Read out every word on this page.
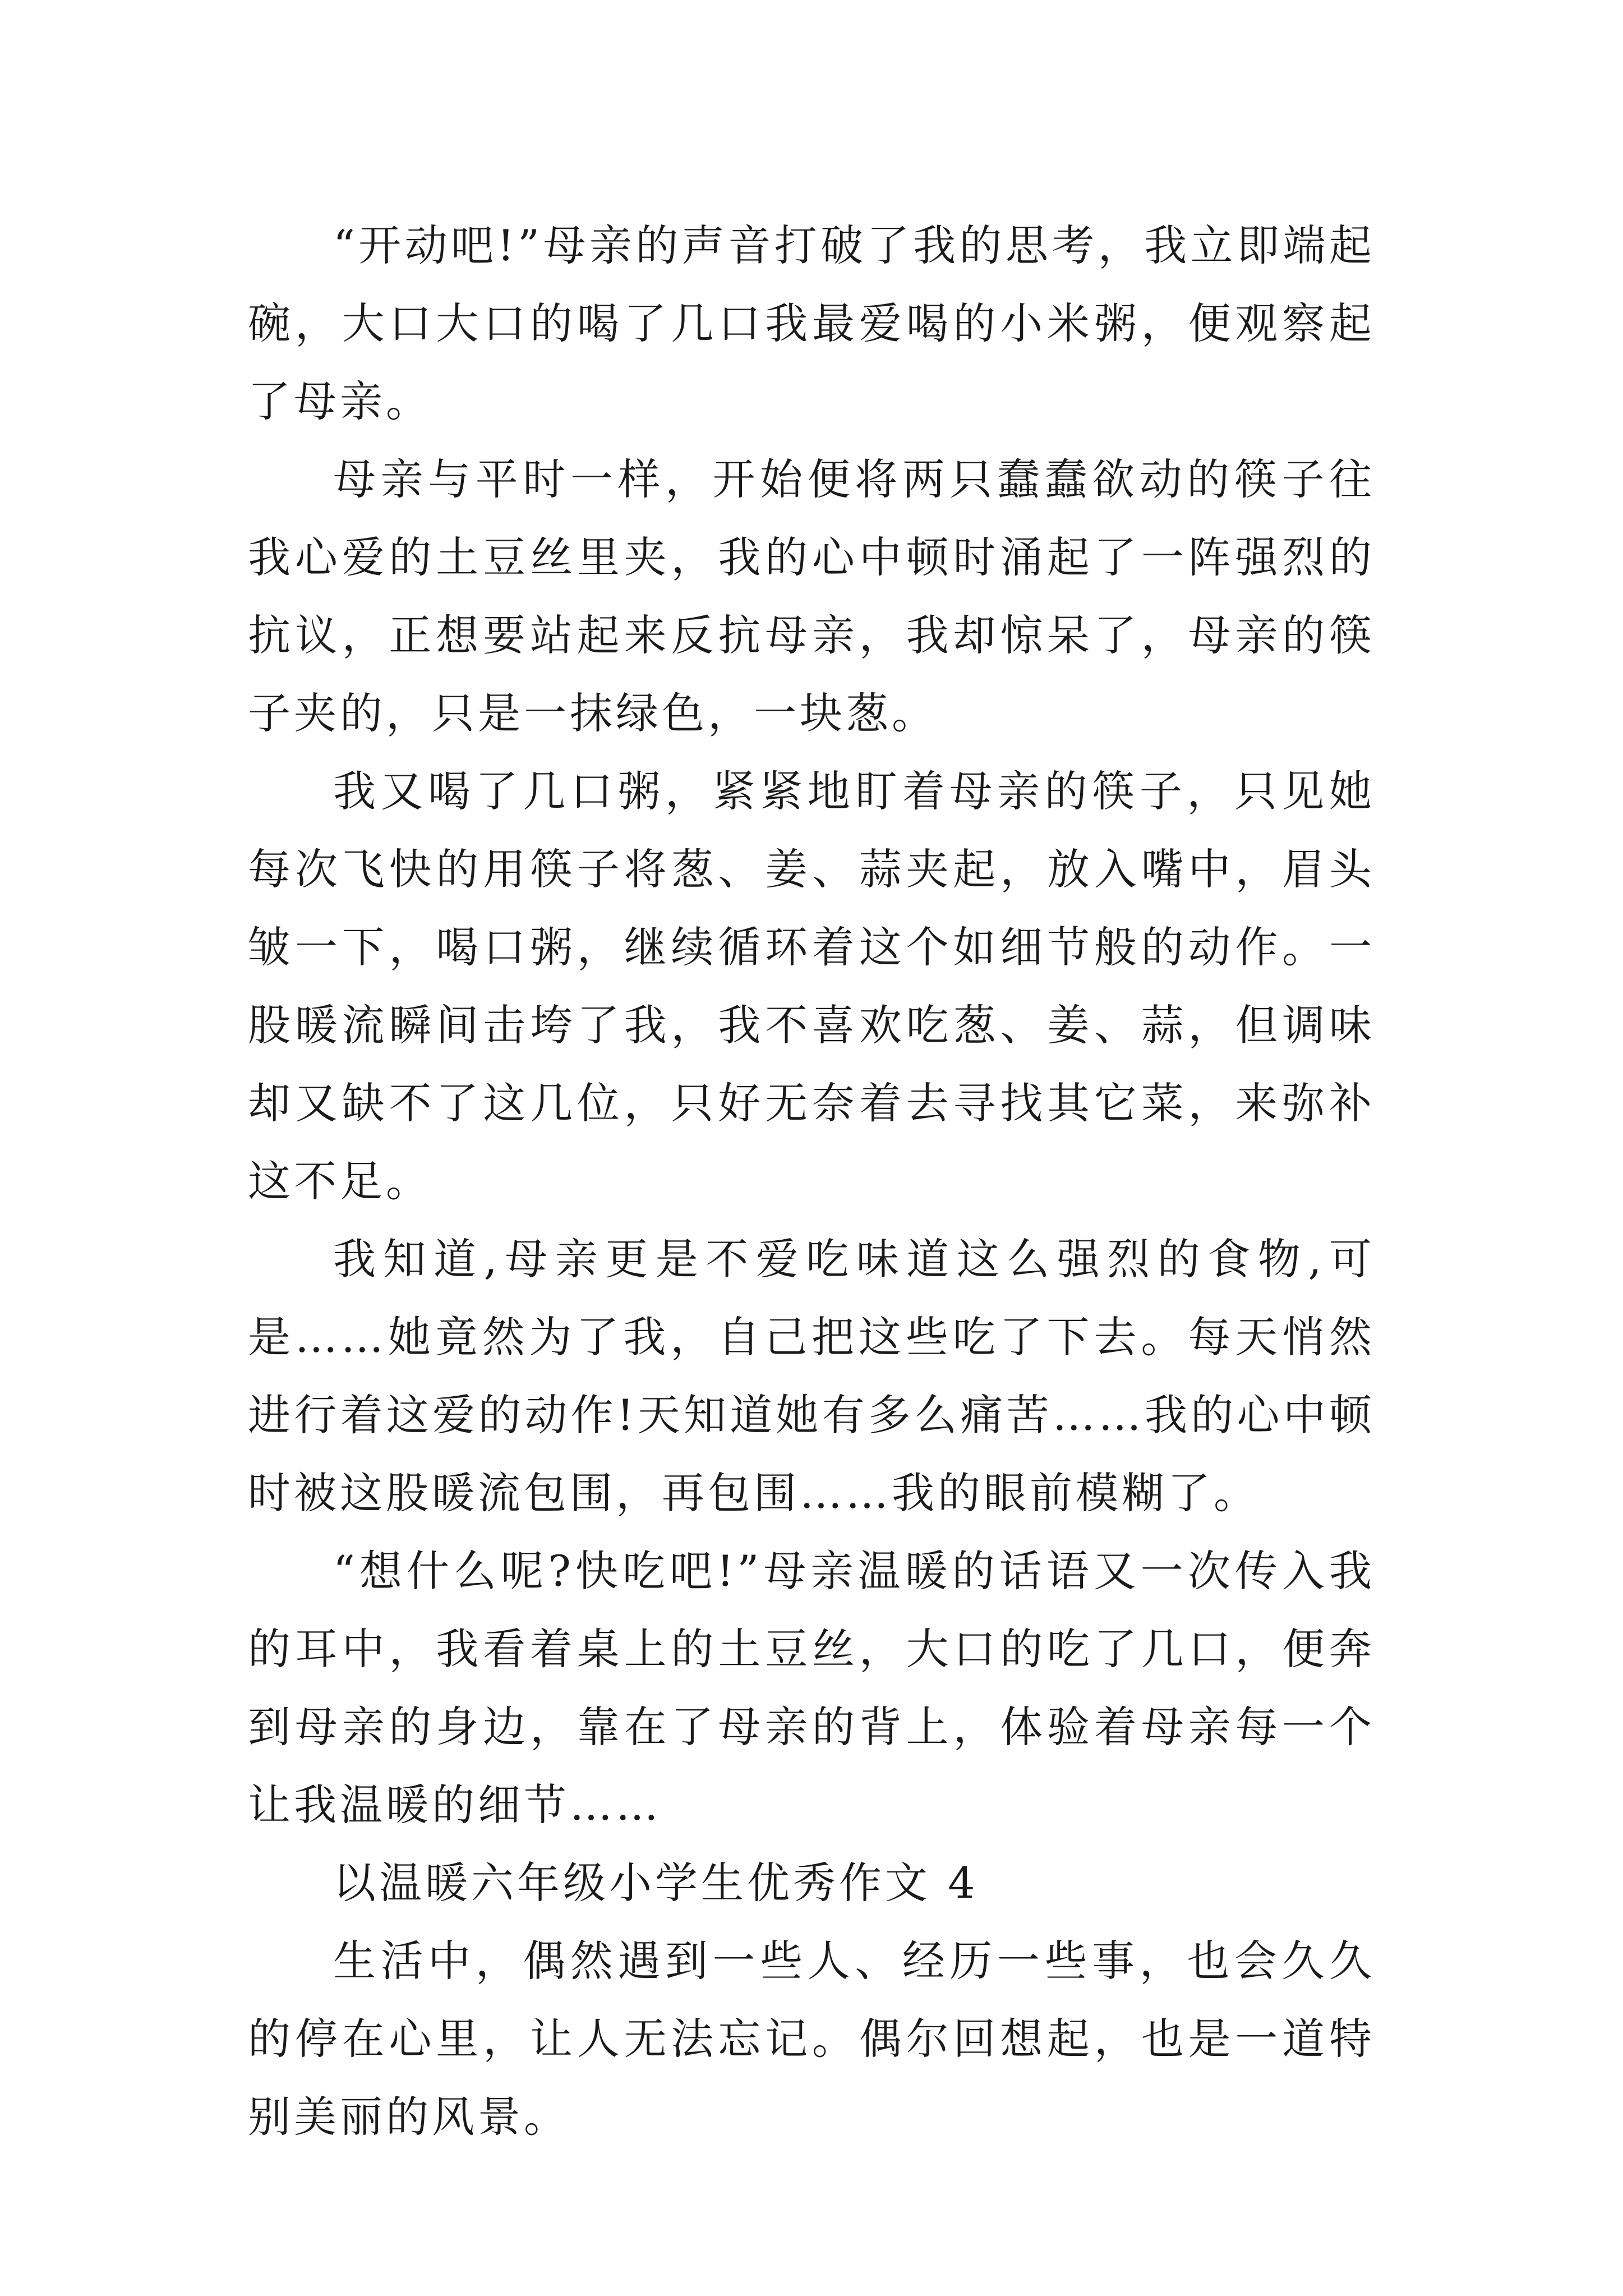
“开动吧!”母亲的声音打破了我的思考，我立即端起碗，大口大口的喝了几口我最爱喝的小米粥，便观察起了母亲。

母亲与平时一样，开始便将两只蠢蠢欲动的筷子往我心爱的土豆丝里夹，我的心中顿时涌起了一阵强烈的抗议，正想要站起来反抗母亲，我却惊呆了，母亲的筷子夹的，只是一抹绿色，一块葱。

我又喝了几口粥，紧紧地盯着母亲的筷子，只见她每次飞快的用筷子将葱、姜、蒜夹起，放入嘴中，眉头皱一下，喝口粥，继续循环着这个如细节般的动作。一股暖流瞬间击垮了我，我不喜欢吃葱、姜、蒜，但调味却又缺不了这几位，只好无奈着去寻找其它菜，来弥补这不足。

我知道,母亲更是不爱吃味道这么强烈的食物,可是……她竟然为了我，自己把这些吃了下去。每天悄然进行着这爱的动作!天知道她有多么痛苦……我的心中顿时被这股暖流包围，再包围……我的眼前模糊了。

“想什么呢?快吃吧!”母亲温暖的话语又一次传入我的耳中，我看着桌上的土豆丝，大口的吃了几口，便奔到母亲的身边，靠在了母亲的背上，体验着母亲每一个让我温暖的细节……

以温暖六年级小学生优秀作文 4

生活中，偶然遇到一些人、经历一些事，也会久久的停在心里，让人无法忘记。偶尔回想起，也是一道特别美丽的风景。
